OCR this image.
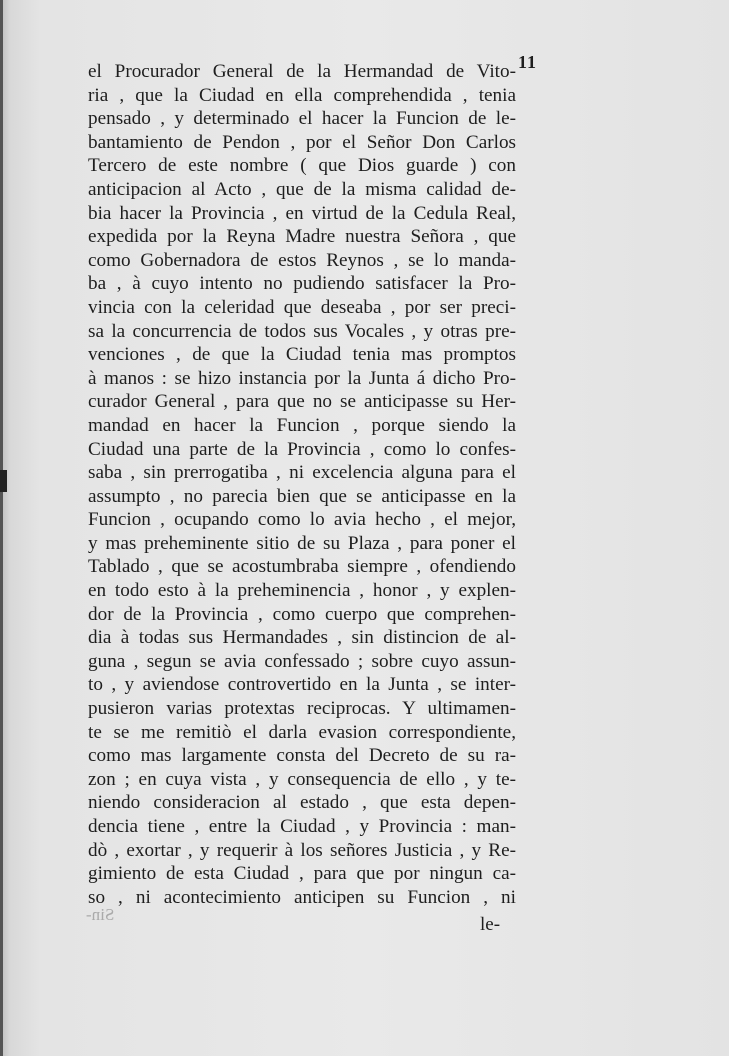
11
el Procurador General de la Hermandad de Vito-
ria , que la Ciudad en ella comprehendida , tenia
pensado , y determinado el hacer la Funcion de le-
bantamiento de Pendon , por el Señor Don Carlos
Tercero de este nombre ( que Dios guarde ) con
anticipacion al Acto , que de la misma calidad de-
bia hacer la Provincia , en virtud de la Cedula Real,
expedida por la Reyna Madre nuestra Señora , que
como Gobernadora de estos Reynos , se lo manda-
ba , à cuyo intento no pudiendo satisfacer la Pro-
vincia con la celeridad que deseaba , por ser preci-
sa la concurrencia de todos sus Vocales , y otras pre-
venciones , de que la Ciudad tenia mas promptos
à manos : se hizo instancia por la Junta á dicho Pro-
curador General , para que no se anticipasse su Her-
mandad en hacer la Funcion , porque siendo la
Ciudad una parte de la Provincia , como lo confes-
saba , sin prerrogatiba , ni excelencia alguna para el
assumpto , no parecia bien que se anticipasse en la
Funcion , ocupando como lo avia hecho , el mejor,
y mas preheminente sitio de su Plaza , para poner el
Tablado , que se acostumbraba siempre , ofendiendo
en todo esto à la preheminencia , honor , y explen-
dor de la Provincia , como cuerpo que comprehen-
dia à todas sus Hermandades , sin distincion de al-
guna , segun se avia confessado ; sobre cuyo assun-
to , y aviendose controvertido en la Junta , se inter-
pusieron varias protextas reciprocas. Y ultimamen-
te se me remitiò el darla evasion correspondiente,
como mas largamente consta del Decreto de su ra-
zon ; en cuya vista , y consequencia de ello , y te-
niendo consideracion al estado , que esta depen-
dencia tiene , entre la Ciudad , y Provincia : man-
dò , exortar , y requerir à los señores Justicia , y Re-
gimiento de esta Ciudad , para que por ningun ca-
so , ni acontecimiento anticipen su Funcion , ni
le-
Sin-
